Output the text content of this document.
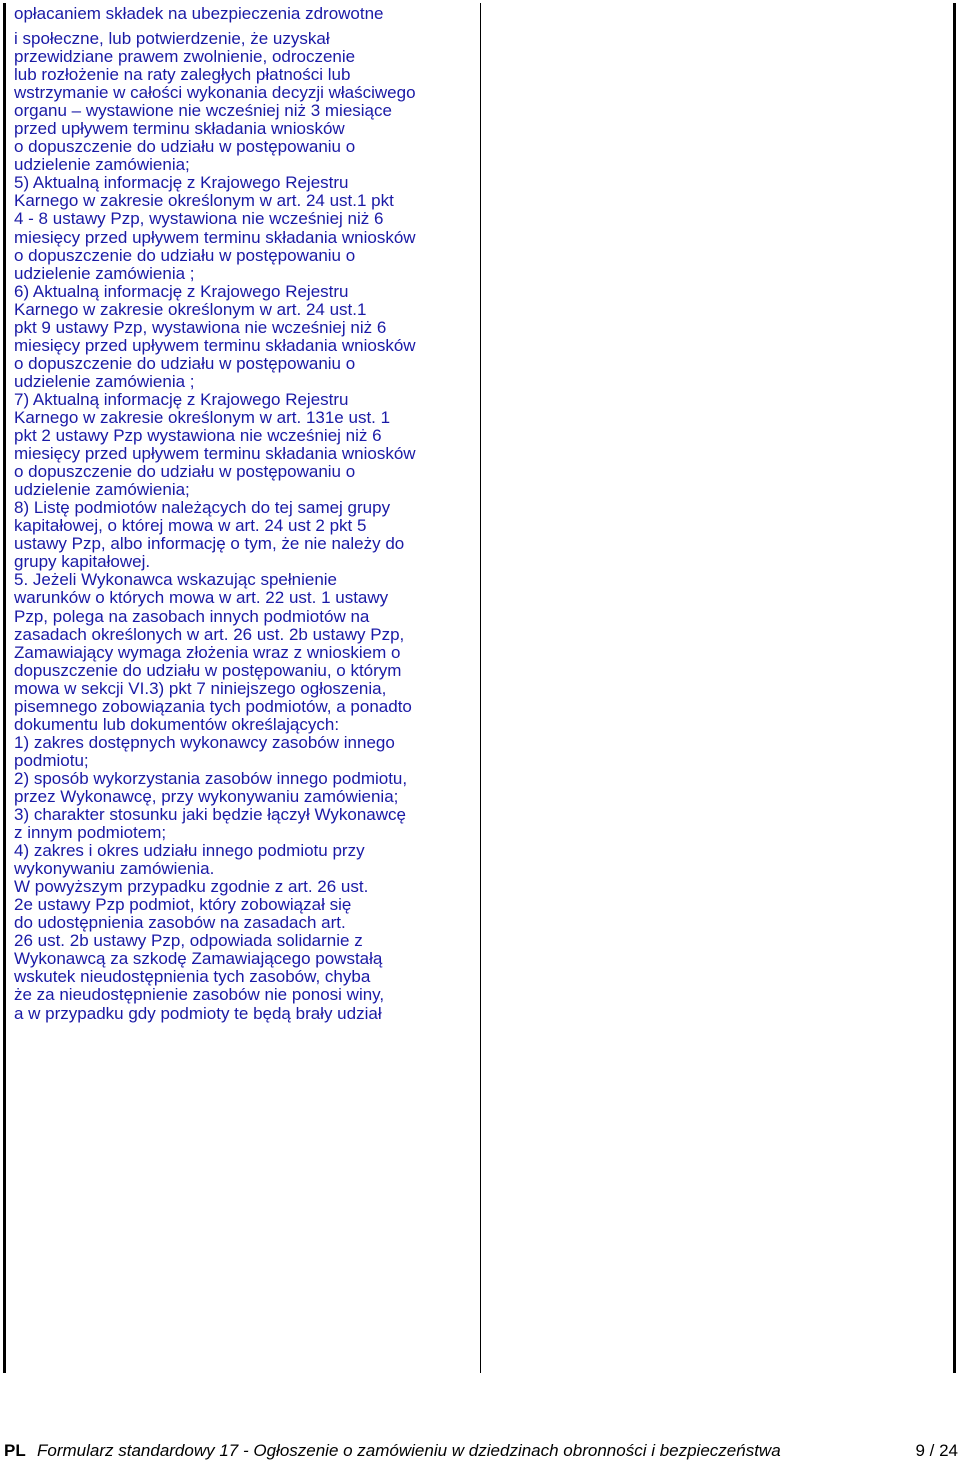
opłacaniem składek na ubezpieczenia zdrowotne
i społeczne, lub potwierdzenie, że uzyskał
przewidziane prawem zwolnienie, odroczenie
lub rozłożenie na raty zaległych płatności lub
wstrzymanie w całości wykonania decyzji właściwego
organu – wystawione nie wcześniej niż 3 miesiące
przed upływem terminu składania wniosków
o dopuszczenie do udziału w postępowaniu o
udzielenie zamówienia;
5) Aktualną informację z Krajowego Rejestru
Karnego w zakresie określonym w art. 24 ust.1 pkt
4 - 8 ustawy Pzp, wystawiona nie wcześniej niż 6
miesięcy przed upływem terminu składania wniosków
o dopuszczenie do udziału w postępowaniu o
udzielenie zamówienia ;
6) Aktualną informację z Krajowego Rejestru
Karnego w zakresie określonym w art. 24 ust.1
pkt 9 ustawy Pzp, wystawiona nie wcześniej niż 6
miesięcy przed upływem terminu składania wniosków
o dopuszczenie do udziału w postępowaniu o
udzielenie zamówienia ;
7) Aktualną informację z Krajowego Rejestru
Karnego w zakresie określonym w art. 131e ust. 1
pkt 2 ustawy Pzp wystawiona nie wcześniej niż 6
miesięcy przed upływem terminu składania wniosków
o dopuszczenie do udziału w postępowaniu o
udzielenie zamówienia;
8) Listę podmiotów należących do tej samej grupy
kapitałowej, o której mowa w art. 24 ust 2 pkt 5
ustawy Pzp, albo informację o tym, że nie należy do
grupy kapitałowej.
5. Jeżeli Wykonawca wskazując spełnienie
warunków o których mowa w art. 22 ust. 1 ustawy
Pzp, polega na zasobach innych podmiotów na
zasadach określonych w art. 26 ust. 2b ustawy Pzp,
Zamawiający wymaga złożenia wraz z wnioskiem o
dopuszczenie do udziału w postępowaniu, o którym
mowa w sekcji VI.3) pkt 7 niniejszego ogłoszenia,
pisemnego zobowiązania tych podmiotów, a ponadto
dokumentu lub dokumentów określających:
1) zakres dostępnych wykonawcy zasobów innego
podmiotu;
2) sposób wykorzystania zasobów innego podmiotu,
przez Wykonawcę, przy wykonywaniu zamówienia;
3) charakter stosunku jaki będzie łączył Wykonawcę
z innym podmiotem;
4) zakres i okres udziału innego podmiotu przy
wykonywaniu zamówienia.
W powyższym przypadku zgodnie z art. 26 ust.
2e ustawy Pzp podmiot, który zobowiązał się
do udostępnienia zasobów na zasadach art.
26 ust. 2b ustawy Pzp, odpowiada solidarnie z
Wykonawcą za szkodę Zamawiającego powstałą
wskutek nieudostępnienia tych zasobów, chyba
że za nieudostępnienie zasobów nie ponosi winy,
a w przypadku gdy podmioty te będą brały udział
PL Formularz standardowy 17 - Ogłoszenie o zamówieniu w dziedzinach obronności i bezpieczeństwa	9 / 24
